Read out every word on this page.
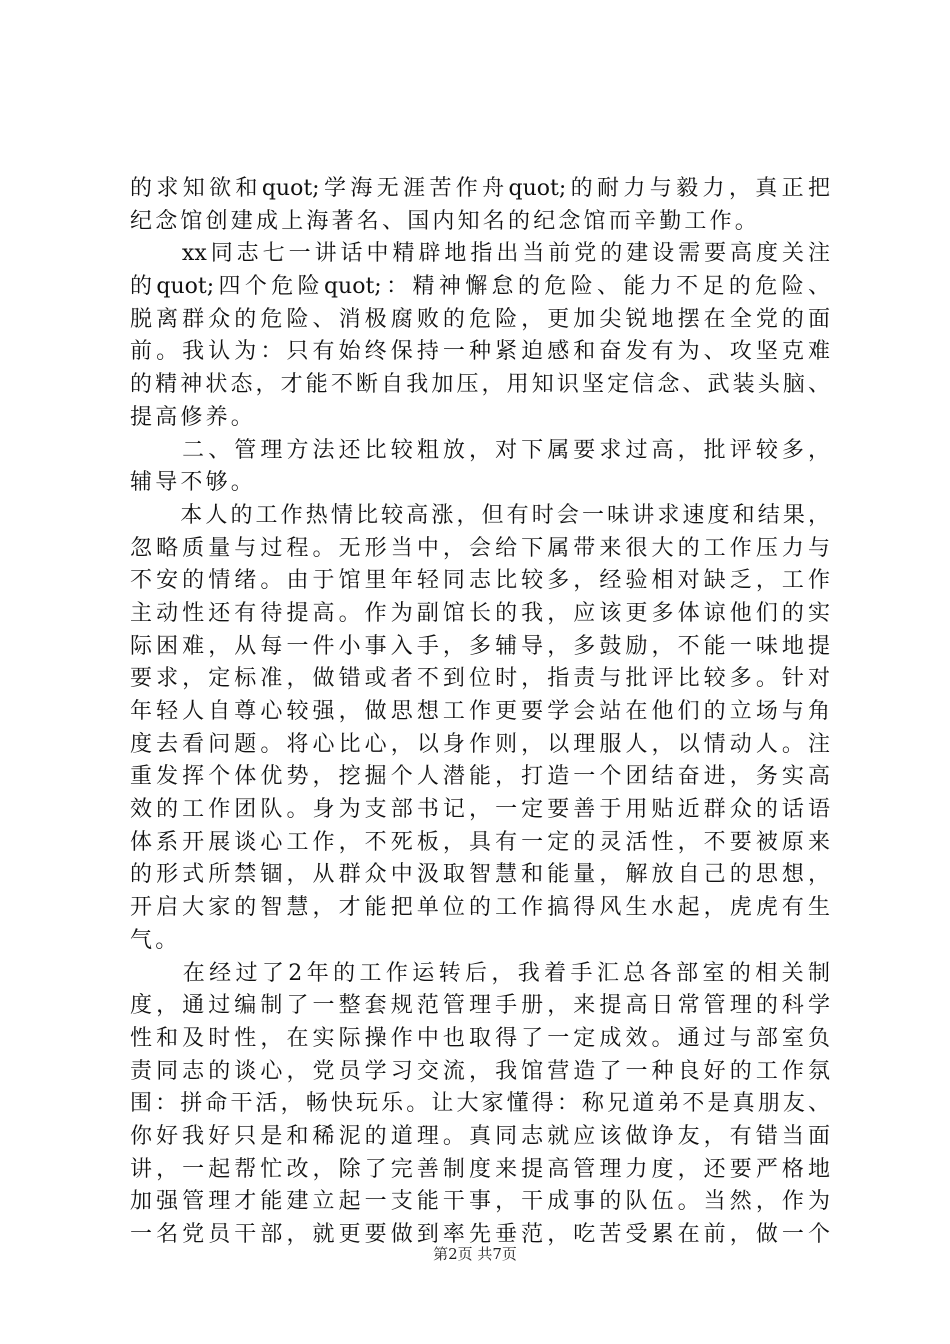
的求知欲和quot;学海无涯苦作舟quot;的耐力与毅力，真正把
纪念馆创建成上海著名、国内知名的纪念馆而辛勤工作。
　　xx同志七一讲话中精辟地指出当前党的建设需要高度关注
的quot;四个危险quot;：精神懈怠的危险、能力不足的危险、
脱离群众的危险、消极腐败的危险，更加尖锐地摆在全党的面
前。我认为：只有始终保持一种紧迫感和奋发有为、攻坚克难
的精神状态，才能不断自我加压，用知识坚定信念、武装头脑、
提高修养。
　　二、管理方法还比较粗放，对下属要求过高，批评较多，
辅导不够。
　　本人的工作热情比较高涨，但有时会一味讲求速度和结果，
忽略质量与过程。无形当中，会给下属带来很大的工作压力与
不安的情绪。由于馆里年轻同志比较多，经验相对缺乏，工作
主动性还有待提高。作为副馆长的我，应该更多体谅他们的实
际困难，从每一件小事入手，多辅导，多鼓励，不能一味地提
要求，定标准，做错或者不到位时，指责与批评比较多。针对
年轻人自尊心较强，做思想工作更要学会站在他们的立场与角
度去看问题。将心比心，以身作则，以理服人，以情动人。注
重发挥个体优势，挖掘个人潜能，打造一个团结奋进，务实高
效的工作团队。身为支部书记，一定要善于用贴近群众的话语
体系开展谈心工作，不死板，具有一定的灵活性，不要被原来
的形式所禁锢，从群众中汲取智慧和能量，解放自己的思想，
开启大家的智慧，才能把单位的工作搞得风生水起，虎虎有生
气。
　　在经过了2年的工作运转后，我着手汇总各部室的相关制
度，通过编制了一整套规范管理手册，来提高日常管理的科学
性和及时性，在实际操作中也取得了一定成效。通过与部室负
责同志的谈心，党员学习交流，我馆营造了一种良好的工作氛
围：拼命干活，畅快玩乐。让大家懂得：称兄道弟不是真朋友、
你好我好只是和稀泥的道理。真同志就应该做诤友，有错当面
讲，一起帮忙改，除了完善制度来提高管理力度，还要严格地
加强管理才能建立起一支能干事，干成事的队伍。当然，作为
一名党员干部，就更要做到率先垂范，吃苦受累在前，做一个
第2页 共7页
